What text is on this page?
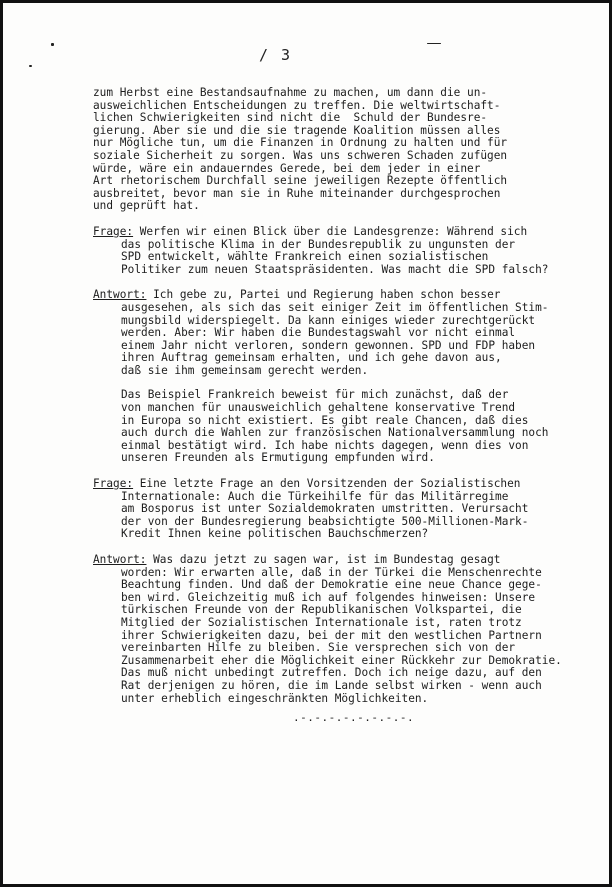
/ 3

zum Herbst eine Bestandsaufnahme zu machen, um dann die un-

ausweichlichen Entscheidungen zu treffen. Die weltwirtschaft-

lichen Schwierigkeiten sind nicht die  Schuld der Bundesre-

gierung. Aber sie und die sie tragende Koalition müssen alles

nur Mögliche tun, um die Finanzen in Ordnung zu halten und für

soziale Sicherheit zu sorgen. Was uns schweren Schaden zufügen

würde, wäre ein andauerndes Gerede, bei dem jeder in einer

Art rhetorischem Durchfall seine jeweiligen Rezepte öffentlich

ausbreitet, bevor man sie in Ruhe miteinander durchgesprochen

und geprüft hat.

Frage: Werfen wir einen Blick über die Landesgrenze: Während sich

das politische Klima in der Bundesrepublik zu ungunsten der

SPD entwickelt, wählte Frankreich einen sozialistischen

Politiker zum neuen Staatspräsidenten. Was macht die SPD falsch?

Antwort: Ich gebe zu, Partei und Regierung haben schon besser

ausgesehen, als sich das seit einiger Zeit im öffentlichen Stim-

mungsbild widerspiegelt. Da kann einiges wieder zurechtgerückt

werden. Aber: Wir haben die Bundestagswahl vor nicht einmal

einem Jahr nicht verloren, sondern gewonnen. SPD und FDP haben

ihren Auftrag gemeinsam erhalten, und ich gehe davon aus,

daß sie ihm gemeinsam gerecht werden.

Das Beispiel Frankreich beweist für mich zunächst, daß der

von manchen für unausweichlich gehaltene konservative Trend

in Europa so nicht existiert. Es gibt reale Chancen, daß dies

auch durch die Wahlen zur französischen Nationalversammlung noch

einmal bestätigt wird. Ich habe nichts dagegen, wenn dies von

unseren Freunden als Ermutigung empfunden wird.

Frage: Eine letzte Frage an den Vorsitzenden der Sozialistischen

Internationale: Auch die Türkeihilfe für das Militärregime

am Bosporus ist unter Sozialdemokraten umstritten. Verursacht

der von der Bundesregierung beabsichtigte 500-Millionen-Mark-

Kredit Ihnen keine politischen Bauchschmerzen?

Antwort: Was dazu jetzt zu sagen war, ist im Bundestag gesagt

worden: Wir erwarten alle, daß in der Türkei die Menschenrechte

Beachtung finden. Und daß der Demokratie eine neue Chance gege-

ben wird. Gleichzeitig muß ich auf folgendes hinweisen: Unsere

türkischen Freunde von der Republikanischen Volkspartei, die

Mitglied der Sozialistischen Internationale ist, raten trotz

ihrer Schwierigkeiten dazu, bei der mit den westlichen Partnern

vereinbarten Hilfe zu bleiben. Sie versprechen sich von der

Zusammenarbeit eher die Möglichkeit einer Rückkehr zur Demokratie.

Das muß nicht unbedingt zutreffen. Doch ich neige dazu, auf den

Rat derjenigen zu hören, die im Lande selbst wirken - wenn auch

unter erheblich eingeschränkten Möglichkeiten.

.-.-.-.-.-.-.-.-.
